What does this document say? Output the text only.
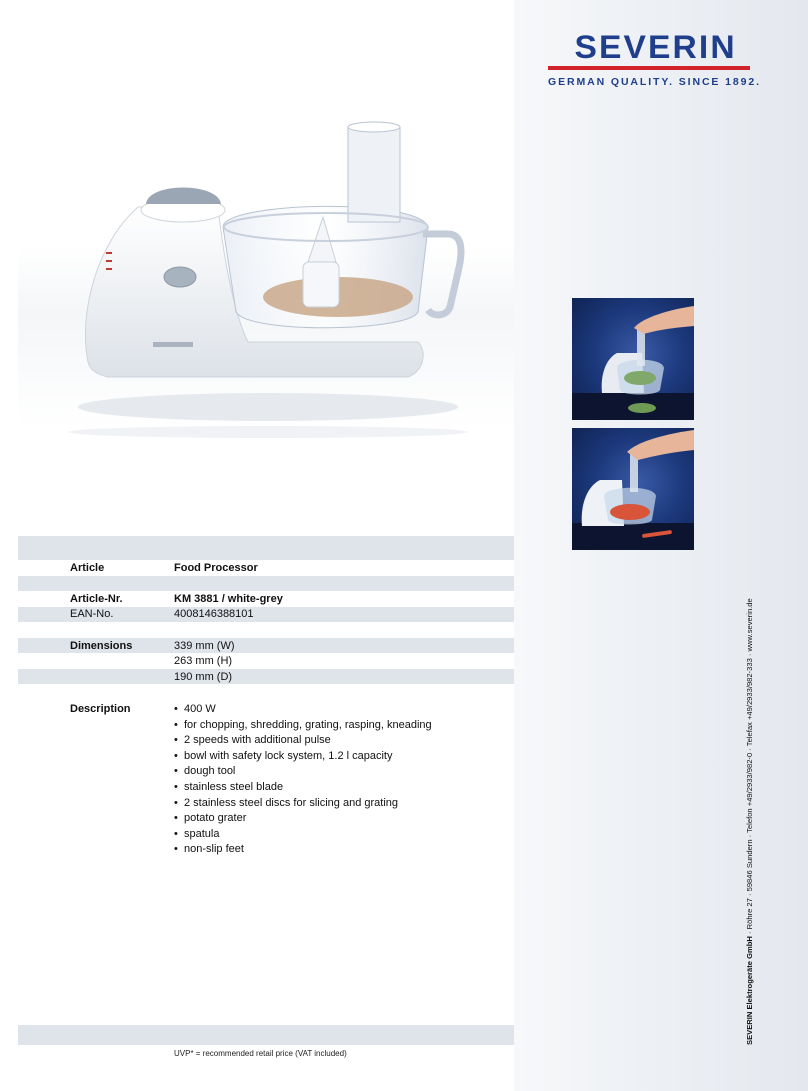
SEVERIN
GERMAN QUALITY. SINCE 1892.
Article	Food Processor
Article-Nr.	KM 3881 / white-grey
EAN-No.	4008146388101
Dimensions	339 mm (W)
263 mm (H)
190 mm (D)
Description
•	400 W
• for chopping, shredding, grating, rasping, kneading
• 2 speeds with additional pulse
• bowl with safety lock system, 1.2 l capacity
• dough tool
• stainless steel blade
• 2 stainless steel discs for slicing and grating
• potato grater
• spatula
• non-slip feet
UVP* = recommended retail price (VAT included)
SEVERIN Elektrogeräte GmbH · Röhre 27 · 59846 Sundern · Telefon +49/2933/982-0 · Telefax +49/2933/982-333 · www.severin.de
